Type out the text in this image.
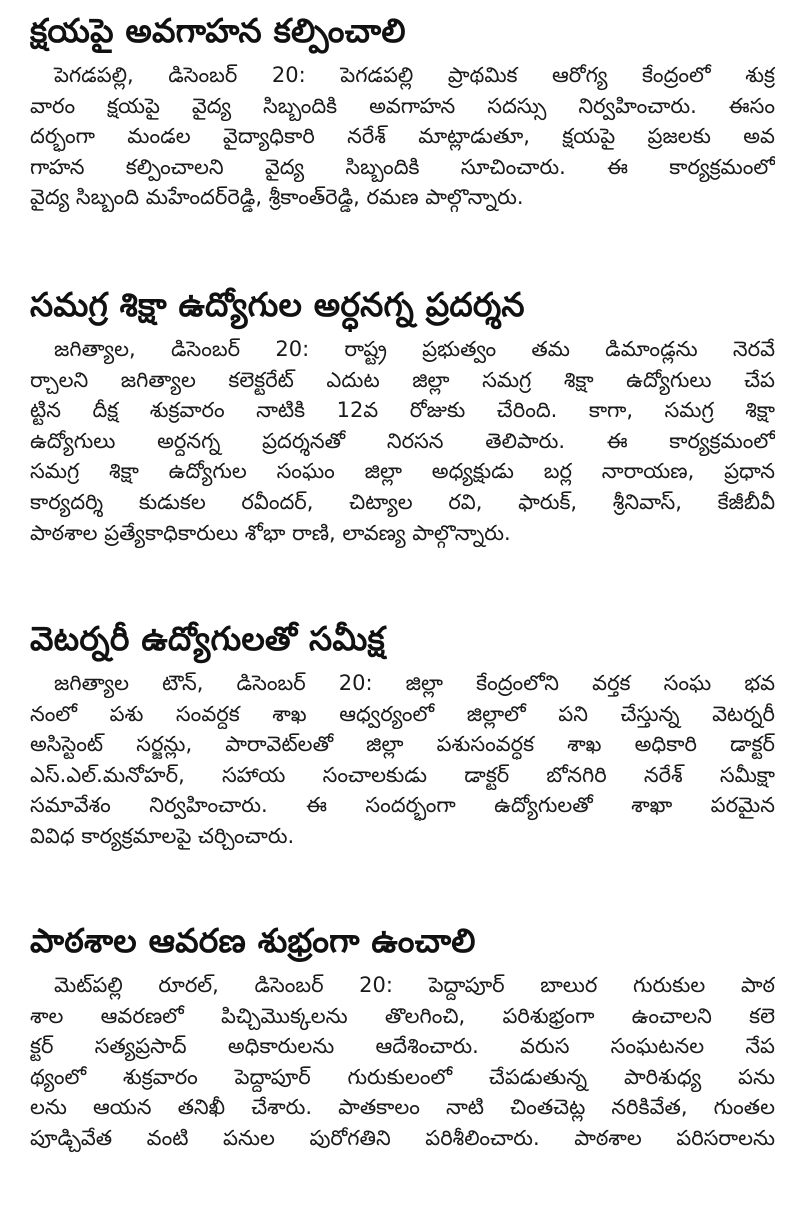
క్షయపై అవగాహన కల్పించాలి
పెగడపల్లి, డిసెంబర్ 20: పెగడపల్లి ప్రాథమిక ఆరోగ్య కేంద్రంలో శుక్ర
వారం క్షయపై వైద్య సిబ్బందికి అవగాహన సదస్సు నిర్వహించారు. ఈసం
దర్భంగా మండల వైద్యాధికారి నరేశ్ మాట్లాడుతూ, క్షయపై ప్రజలకు అవ
గాహన కల్పించాలని వైద్య సిబ్బందికి సూచించారు. ఈ కార్యక్రమంలో
వైద్య సిబ్బంది మహేందర్‌రెడ్డి, శ్రీకాంత్‌రెడ్డి, రమణ పాల్గొన్నారు.
సమగ్ర శిక్షా ఉద్యోగుల అర్ధనగ్న ప్రదర్శన
జగిత్యాల, డిసెంబర్ 20: రాష్ట్ర ప్రభుత్వం తమ డిమాండ్లను నెరవే
ర్చాలని జగిత్యాల కలెక్టరేట్ ఎదుట జిల్లా సమగ్ర శిక్షా ఉద్యోగులు చేప
ట్టిన దీక్ష శుక్రవారం నాటికి 12వ రోజుకు చేరింది. కాగా, సమగ్ర శిక్షా
ఉద్యోగులు అర్ధనగ్న ప్రదర్శనతో నిరసన తెలిపారు. ఈ కార్యక్రమంలో
సమగ్ర శిక్షా ఉద్యోగుల సంఘం జిల్లా అధ్యక్షుడు బర్ల నారాయణ, ప్రధాన
కార్యదర్శి కుడుకల రవీందర్, చిట్యాల రవి, ఫారుక్, శ్రీనివాస్, కేజీబీవీ
పాఠశాల ప్రత్యేకాధికారులు శోభా రాణి, లావణ్య పాల్గొన్నారు.
వెటర్నరీ ఉద్యోగులతో సమీక్ష
జగిత్యాల టౌన్, డిసెంబర్ 20: జిల్లా కేంద్రంలోని వర్తక సంఘ భవ
నంలో పశు సంవర్ధక శాఖ ఆధ్వర్యంలో జిల్లాలో పని చేస్తున్న వెటర్నరీ
అసిస్టెంట్ సర్జన్లు, పారావెట్‌లతో జిల్లా పశుసంవర్ధక శాఖ అధికారి డాక్టర్
ఎస్.ఎల్.మనోహర్, సహాయ సంచాలకుడు డాక్టర్ బోనగిరి నరేశ్ సమీక్షా
సమావేశం నిర్వహించారు. ఈ సందర్భంగా ఉద్యోగులతో శాఖా పరమైన
వివిధ కార్యక్రమాలపై చర్చించారు.
పాఠశాల ఆవరణ శుభ్రంగా ఉంచాలి
మెట్‌పల్లి రూరల్, డిసెంబర్ 20: పెద్దాపూర్ బాలుర గురుకుల పాఠ
శాల ఆవరణలో పిచ్చిమొక్కలను తొలగించి, పరిశుభ్రంగా ఉంచాలని కలె
క్టర్ సత్యప్రసాద్ అధికారులను ఆదేశించారు. వరుస సంఘటనల నేప
థ్యంలో శుక్రవారం పెద్దాపూర్ గురుకులంలో చేపడుతున్న పారిశుధ్య పను
లను ఆయన తనిఖీ చేశారు. పాతకాలం నాటి చింతచెట్ల నరికివేత, గుంతల
పూడ్చివేత వంటి పనుల పురోగతిని పరిశీలించారు. పాఠశాల పరిసరాలను
